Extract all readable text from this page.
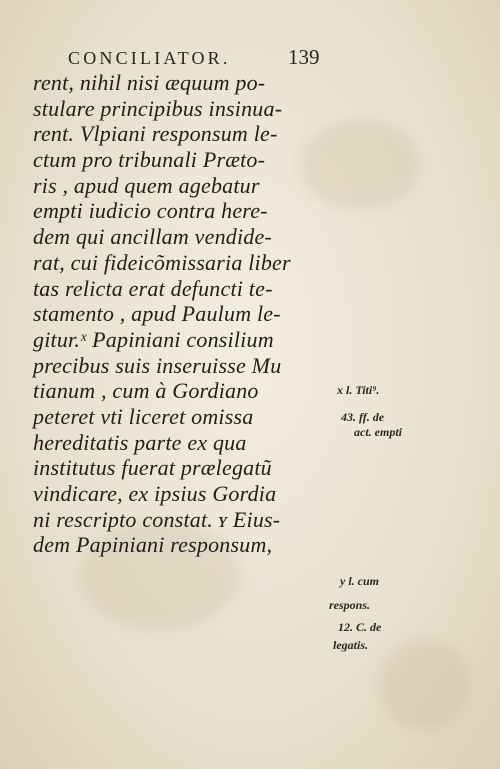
CONCILIATOR.	139
rent, nihil nisi æquum po-
stulare principibus insinua-
rent. Vlpiani responsum le-
ctum pro tribunali Præto-
ris , apud quem agebatur
empti iudicio contra here-
dem qui ancillam vendide-
rat, cui fideicõmissaria liber
tas relicta erat defuncti te-
stamento , apud Paulum le-
gitur.ˣ Papiniani consilium
precibus suis inseruisse Mu
tianum , cum à Gordiano
peteret vti liceret omissa
hereditatis parte ex qua
institutus fuerat prælegatũ
vindicare, ex ipsius Gordia
ni rescripto constat. ʏ Eius-
dem Papiniani responsum,
x l. Titi⁹.
43. ff. de
act. empti
y l. cum
respons.
12. C. de
legatis.
